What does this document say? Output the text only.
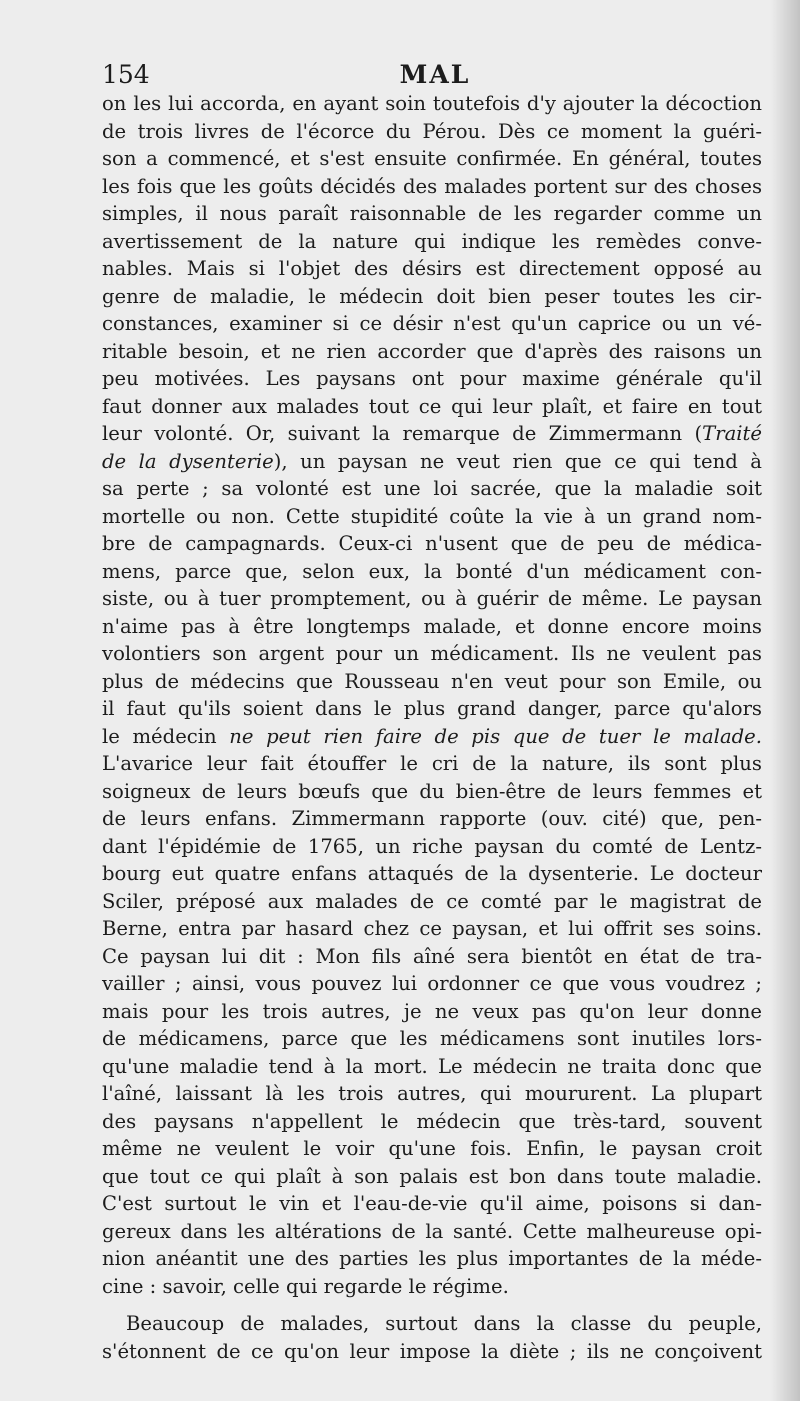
154	MAL
on les lui accorda, en ayant soin toutefois d'y ajouter la décoction
de trois livres de l'écorce du Pérou. Dès ce moment la guéri-
son a commencé, et s'est ensuite confirmée. En général, toutes
les fois que les goûts décidés des malades portent sur des choses
simples, il nous paraît raisonnable de les regarder comme un
avertissement de la nature qui indique les remèdes conve-
nables. Mais si l'objet des désirs est directement opposé au
genre de maladie, le médecin doit bien peser toutes les cir-
constances, examiner si ce désir n'est qu'un caprice ou un vé-
ritable besoin, et ne rien accorder que d'après des raisons un
peu motivées. Les paysans ont pour maxime générale qu'il
faut donner aux malades tout ce qui leur plaît, et faire en tout
leur volonté. Or, suivant la remarque de Zimmermann (Traité
de la dysenterie), un paysan ne veut rien que ce qui tend à
sa perte ; sa volonté est une loi sacrée, que la maladie soit
mortelle ou non. Cette stupidité coûte la vie à un grand nom-
bre de campagnards. Ceux-ci n'usent que de peu de médica-
mens, parce que, selon eux, la bonté d'un médicament con-
siste, ou à tuer promptement, ou à guérir de même. Le paysan
n'aime pas à être longtemps malade, et donne encore moins
volontiers son argent pour un médicament. Ils ne veulent pas
plus de médecins que Rousseau n'en veut pour son Emile, ou
il faut qu'ils soient dans le plus grand danger, parce qu'alors
le médecin ne peut rien faire de pis que de tuer le malade.
L'avarice leur fait étouffer le cri de la nature, ils sont plus
soigneux de leurs bœufs que du bien-être de leurs femmes et
de leurs enfans. Zimmermann rapporte (ouv. cité) que, pen-
dant l'épidémie de 1765, un riche paysan du comté de Lentz-
bourg eut quatre enfans attaqués de la dysenterie. Le docteur
Sciler, préposé aux malades de ce comté par le magistrat de
Berne, entra par hasard chez ce paysan, et lui offrit ses soins.
Ce paysan lui dit : Mon fils aîné sera bientôt en état de tra-
vailler ; ainsi, vous pouvez lui ordonner ce que vous voudrez ;
mais pour les trois autres, je ne veux pas qu'on leur donne
de médicamens, parce que les médicamens sont inutiles lors-
qu'une maladie tend à la mort. Le médecin ne traita donc que
l'aîné, laissant là les trois autres, qui moururent. La plupart
des paysans n'appellent le médecin que très-tard, souvent
même ne veulent le voir qu'une fois. Enfin, le paysan croit
que tout ce qui plaît à son palais est bon dans toute maladie.
C'est surtout le vin et l'eau-de-vie qu'il aime, poisons si dan-
gereux dans les altérations de la santé. Cette malheureuse opi-
nion anéantit une des parties les plus importantes de la méde-
cine : savoir, celle qui regarde le régime.
Beaucoup de malades, surtout dans la classe du peuple,
s'étonnent de ce qu'on leur impose la diète ; ils ne conçoivent
